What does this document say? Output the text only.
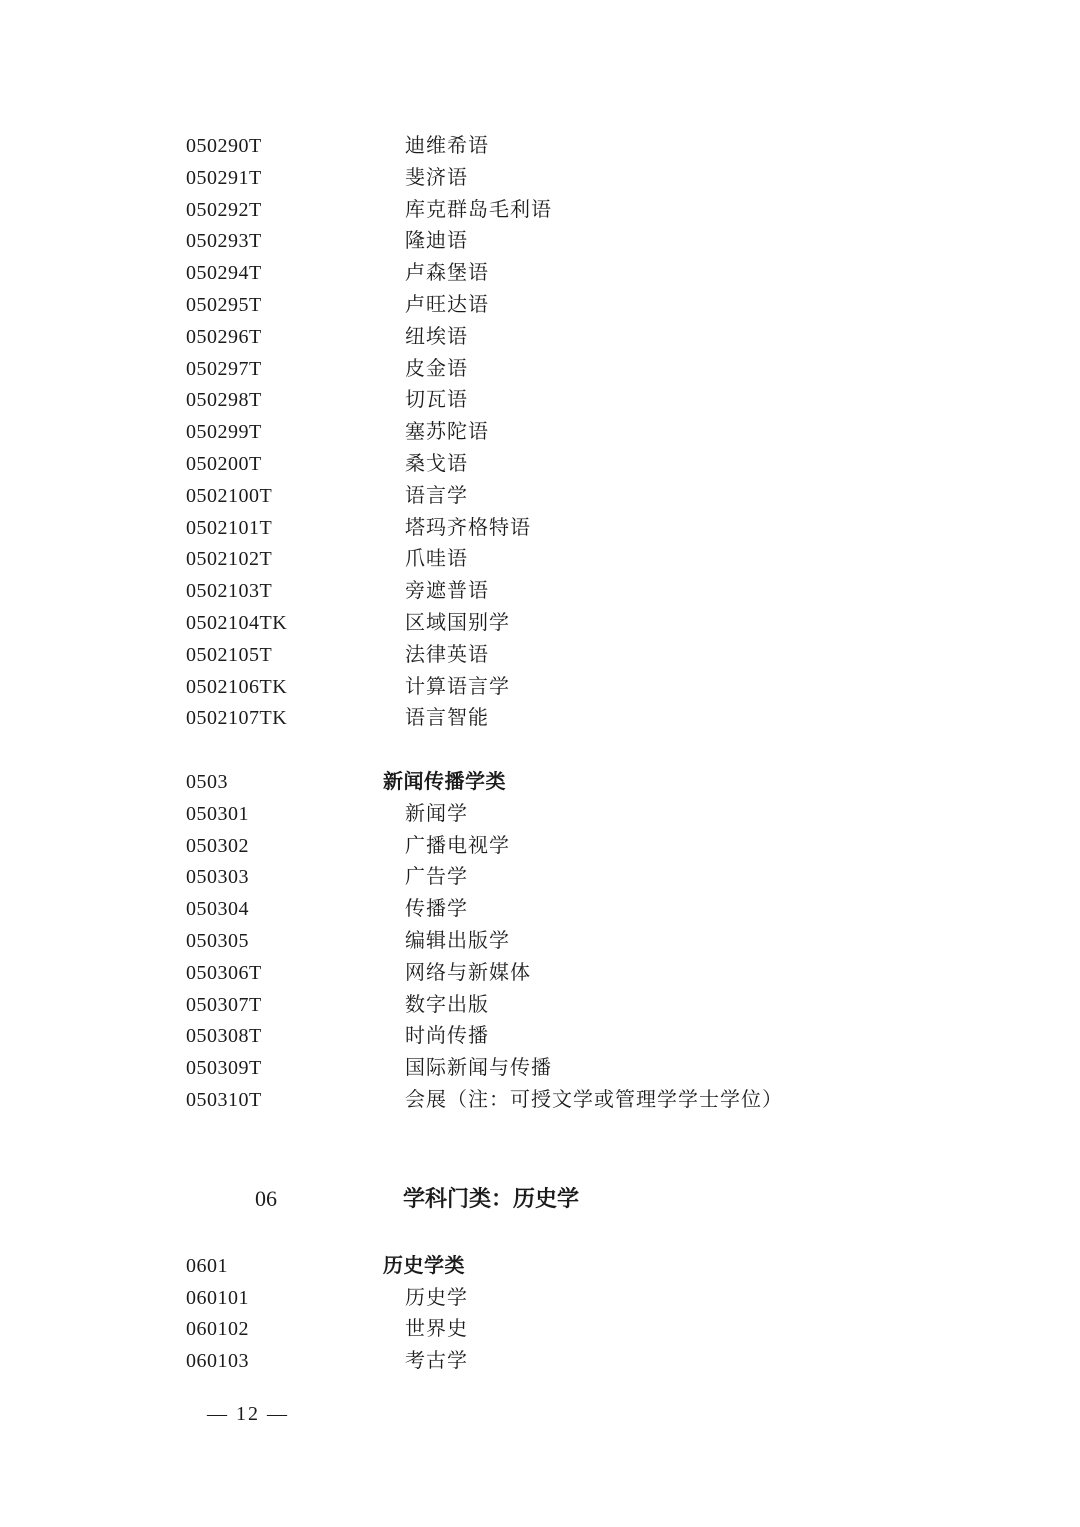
050290T	迪维希语
050291T	斐济语
050292T	库克群岛毛利语
050293T	隆迪语
050294T	卢森堡语
050295T	卢旺达语
050296T	纽埃语
050297T	皮金语
050298T	切瓦语
050299T	塞苏陀语
050200T	桑戈语
0502100T	语言学
0502101T	塔玛齐格特语
0502102T	爪哇语
0502103T	旁遮普语
0502104TK	区域国别学
0502105T	法律英语
0502106TK	计算语言学
0502107TK	语言智能
0503	新闻传播学类
050301	新闻学
050302	广播电视学
050303	广告学
050304	传播学
050305	编辑出版学
050306T	网络与新媒体
050307T	数字出版
050308T	时尚传播
050309T	国际新闻与传播
050310T	会展（注：可授文学或管理学学士学位）
06	学科门类：历史学
0601	历史学类
060101	历史学
060102	世界史
060103	考古学
— 12 —
